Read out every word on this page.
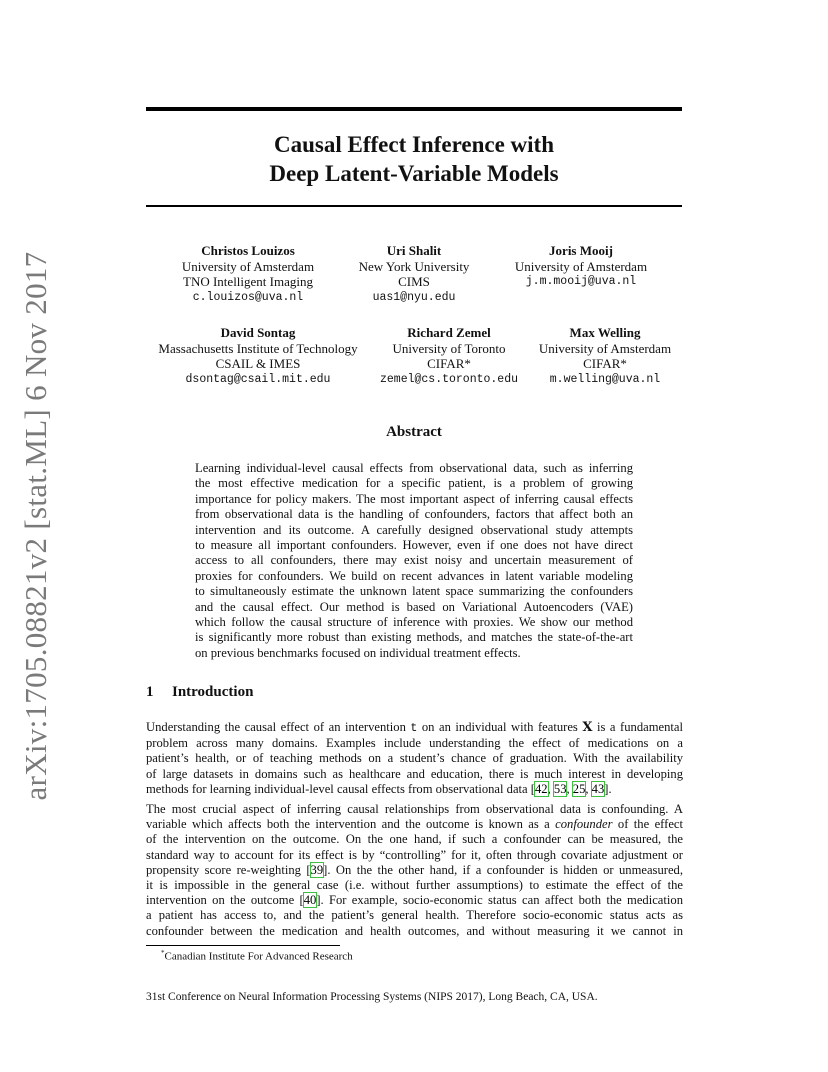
arXiv:1705.08821v2 [stat.ML] 6 Nov 2017
Causal Effect Inference with
Deep Latent-Variable Models
Christos Louizos
University of Amsterdam
TNO Intelligent Imaging
c.louizos@uva.nl
Uri Shalit
New York University
CIMS
uas1@nyu.edu
Joris Mooij
University of Amsterdam
j.m.mooij@uva.nl
David Sontag
Massachusetts Institute of Technology
CSAIL & IMES
dsontag@csail.mit.edu
Richard Zemel
University of Toronto
CIFAR*
zemel@cs.toronto.edu
Max Welling
University of Amsterdam
CIFAR*
m.welling@uva.nl
Abstract
Learning individual-level causal effects from observational data, such as inferring
the most effective medication for a specific patient, is a problem of growing
importance for policy makers. The most important aspect of inferring causal effects
from observational data is the handling of confounders, factors that affect both an
intervention and its outcome. A carefully designed observational study attempts
to measure all important confounders. However, even if one does not have direct
access to all confounders, there may exist noisy and uncertain measurement of
proxies for confounders. We build on recent advances in latent variable modeling
to simultaneously estimate the unknown latent space summarizing the confounders
and the causal effect. Our method is based on Variational Autoencoders (VAE)
which follow the causal structure of inference with proxies. We show our method
is significantly more robust than existing methods, and matches the state-of-the-art
on previous benchmarks focused on individual treatment effects.
1 Introduction
Understanding the causal effect of an intervention t on an individual with features X is a fundamental
problem across many domains. Examples include understanding the effect of medications on a
patient’s health, or of teaching methods on a student’s chance of graduation. With the availability
of large datasets in domains such as healthcare and education, there is much interest in developing
methods for learning individual-level causal effects from observational data [42, 53, 25, 43].
The most crucial aspect of inferring causal relationships from observational data is confounding. A
variable which affects both the intervention and the outcome is known as a confounder of the effect
of the intervention on the outcome. On the one hand, if such a confounder can be measured, the
standard way to account for its effect is by “controlling” for it, often through covariate adjustment or
propensity score re-weighting [39]. On the the other hand, if a confounder is hidden or unmeasured,
it is impossible in the general case (i.e. without further assumptions) to estimate the effect of the
intervention on the outcome [40]. For example, socio-economic status can affect both the medication
a patient has access to, and the patient’s general health. Therefore socio-economic status acts as
confounder between the medication and health outcomes, and without measuring it we cannot in
*Canadian Institute For Advanced Research
31st Conference on Neural Information Processing Systems (NIPS 2017), Long Beach, CA, USA.
